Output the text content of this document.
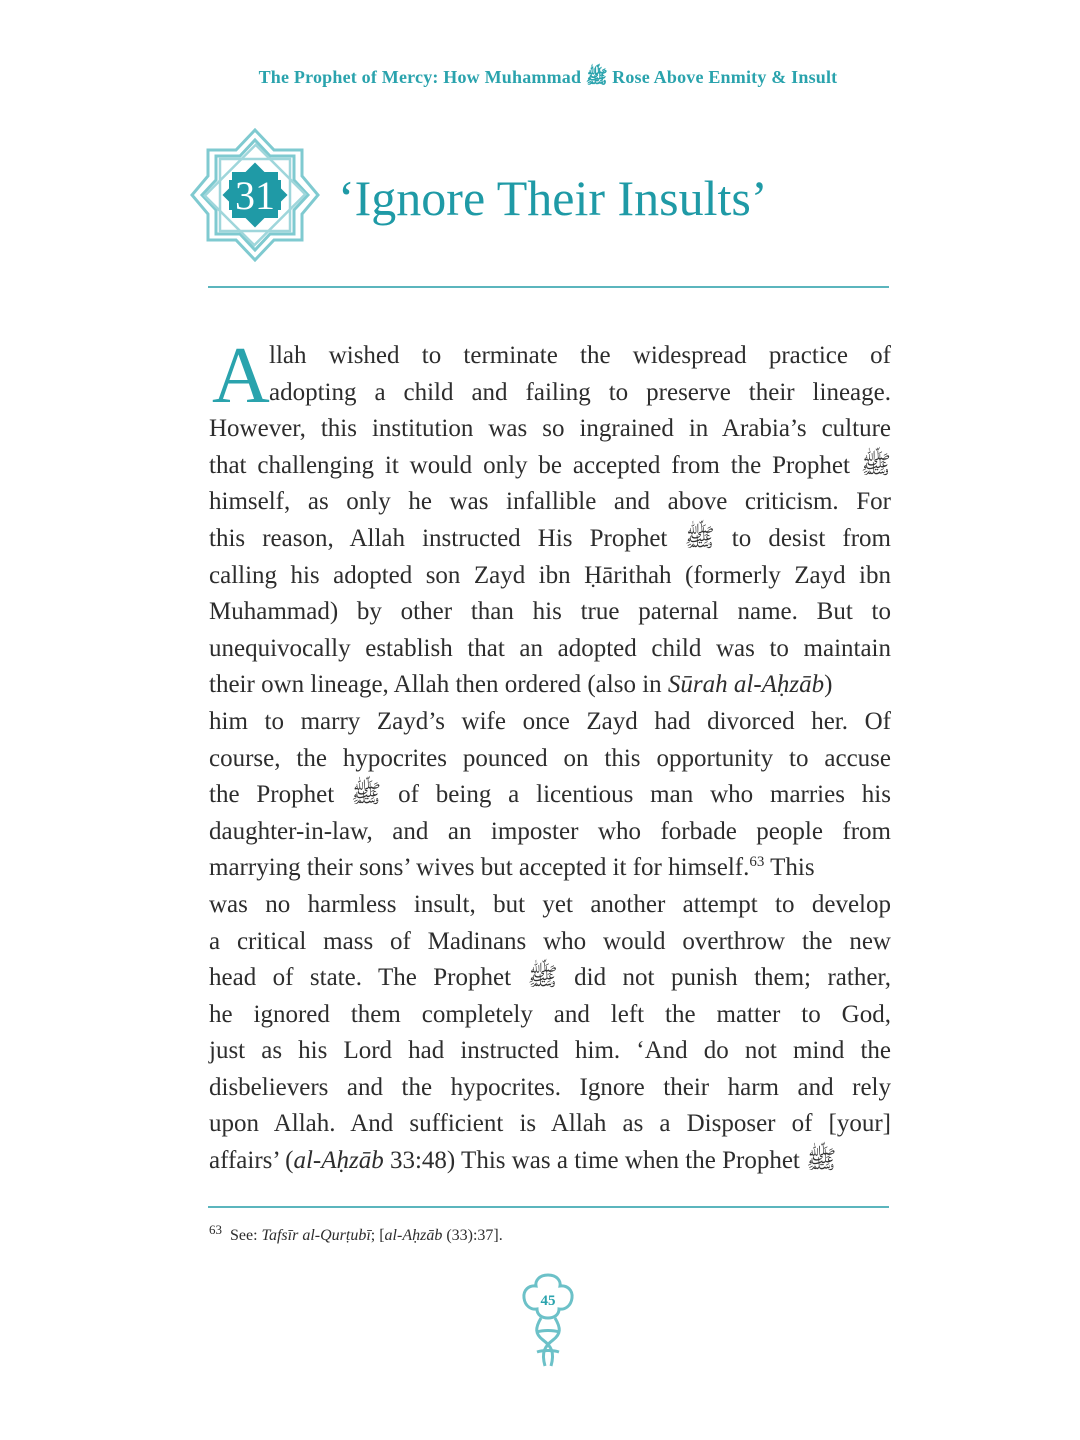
The Prophet of Mercy: How Muhammad ﷺ Rose Above Enmity & Insult
31	‘Ignore Their Insults’
A llah wished to terminate the widespread practice of
adopting a child and failing to preserve their lineage.
However, this institution was so ingrained in Arabia’s culture
that challenging it would only be accepted from the Prophet ﷺ
himself, as only he was infallible and above criticism. For
this reason, Allah instructed His Prophet ﷺ to desist from
calling his adopted son Zayd ibn Ḥārithah (formerly Zayd ibn
Muhammad) by other than his true paternal name. But to
unequivocally establish that an adopted child was to maintain
their own lineage, Allah then ordered (also in Sūrah al-Aḥzāb)
him to marry Zayd’s wife once Zayd had divorced her. Of
course, the hypocrites pounced on this opportunity to accuse
the Prophet ﷺ of being a licentious man who marries his
daughter-in-law, and an imposter who forbade people from
marrying their sons’ wives but accepted it for himself.$^{63}$ This
was no harmless insult, but yet another attempt to develop
a critical mass of Madinans who would overthrow the new
head of state. The Prophet ﷺ did not punish them; rather,
he ignored them completely and left the matter to God,
just as his Lord had instructed him. ‘And do not mind the
disbelievers and the hypocrites. Ignore their harm and rely
upon Allah. And sufficient is Allah as a Disposer of [your]
affairs’ (al-Aḥzāb 33:48) This was a time when the Prophet ﷺ
$^{63}$ See: Tafsīr al-Qurṭubī; [al-Aḥzāb (33):37].
45
